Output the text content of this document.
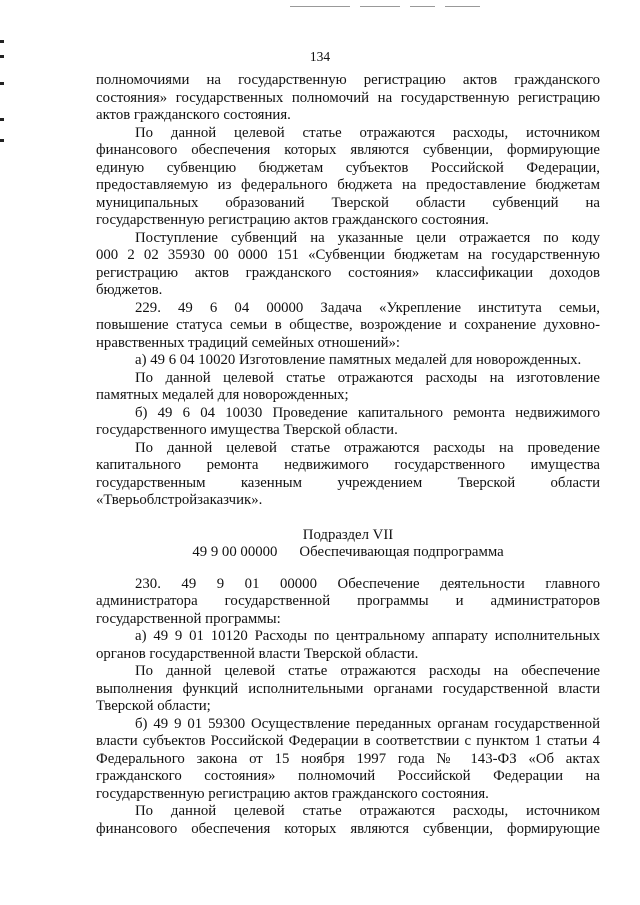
134

полномочиями на государственную регистрацию актов гражданского

состояния» государственных полномочий на государственную регистрацию

актов гражданского состояния.

По данной целевой статье отражаются расходы, источником

финансового обеспечения которых являются субвенции, формирующие

единую субвенцию бюджетам субъектов Российской Федерации,

предоставляемую из федерального бюджета на предоставление бюджетам

муниципальных образований Тверской области субвенций на

государственную регистрацию актов гражданского состояния.

Поступление субвенций на указанные цели отражается по коду

000 2 02 35930 00 0000 151 «Субвенции бюджетам на государственную

регистрацию актов гражданского состояния» классификации доходов

бюджетов.

229. 49 6 04 00000 Задача «Укрепление института семьи,

повышение статуса семьи в обществе, возрождение и сохранение духовно-

нравственных традиций семейных отношений»:

а) 49 6 04 10020 Изготовление памятных медалей для новорожденных.

По данной целевой статье отражаются расходы на изготовление

памятных медалей для новорожденных;

б) 49 6 04 10030 Проведение капитального ремонта недвижимого

государственного имущества Тверской области.

По данной целевой статье отражаются расходы на проведение

капитального ремонта недвижимого государственного имущества

государственным казенным учреждением Тверской области

«Тверьоблстройзаказчик».

Подраздел VII

49 9 00 00000 Обеспечивающая подпрограмма

230. 49 9 01 00000 Обеспечение деятельности главного

администратора государственной программы и администраторов

государственной программы:

а) 49 9 01 10120 Расходы по центральному аппарату исполнительных

органов государственной власти Тверской области.

По данной целевой статье отражаются расходы на обеспечение

выполнения функций исполнительными органами государственной власти

Тверской области;

б) 49 9 01 59300 Осуществление переданных органам государственной

власти субъектов Российской Федерации в соответствии с пунктом 1 статьи 4

Федерального закона от 15 ноября 1997 года № 143-ФЗ «Об актах

гражданского состояния» полномочий Российской Федерации на

государственную регистрацию актов гражданского состояния.

По данной целевой статье отражаются расходы, источником

финансового обеспечения которых являются субвенции, формирующие
